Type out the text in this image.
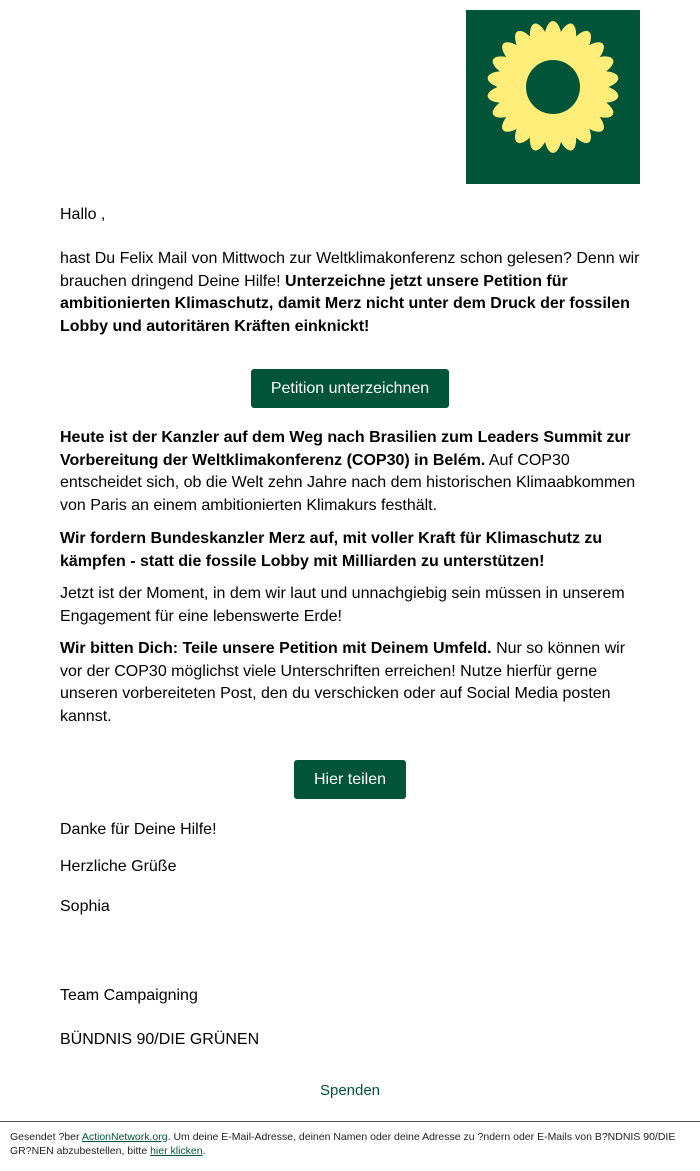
Hallo ,

hast Du Felix Mail von Mittwoch zur Weltklimakonferenz schon gelesen? Denn wir brauchen dringend Deine Hilfe! Unterzeichne jetzt unsere Petition für ambitionierten Klimaschutz, damit Merz nicht unter dem Druck der fossilen Lobby und autoritären Kräften einknickt!

Heute ist der Kanzler auf dem Weg nach Brasilien zum Leaders Summit zur Vorbereitung der Weltklimakonferenz (COP30) in Belém. Auf COP30 entscheidet sich, ob die Welt zehn Jahre nach dem historischen Klimaabkommen von Paris an einem ambitionierten Klimakurs festhält.

Wir fordern Bundeskanzler Merz auf, mit voller Kraft für Klimaschutz zu kämpfen - statt die fossile Lobby mit Milliarden zu unterstützen!

Jetzt ist der Moment, in dem wir laut und unnachgiebig sein müssen in unserem Engagement für eine lebenswerte Erde!

Wir bitten Dich: Teile unsere Petition mit Deinem Umfeld. Nur so können wir vor der COP30 möglichst viele Unterschriften erreichen! Nutze hierfür gerne unseren vorbereiteten Post, den du verschicken oder auf Social Media posten kannst.

Danke für Deine Hilfe!

Herzliche Grüße

Sophia

Team Campaigning

BÜNDNIS 90/DIE GRÜNEN

Petition unterzeichnen
Hier teilen
Spenden
Gesendet ?ber ActionNetwork.org. Um deine E-Mail-Adresse, deinen Namen oder deine Adresse zu ?ndern oder E-Mails von B?NDNIS 90/DIE GR?NEN abzubestellen, bitte hier klicken.
